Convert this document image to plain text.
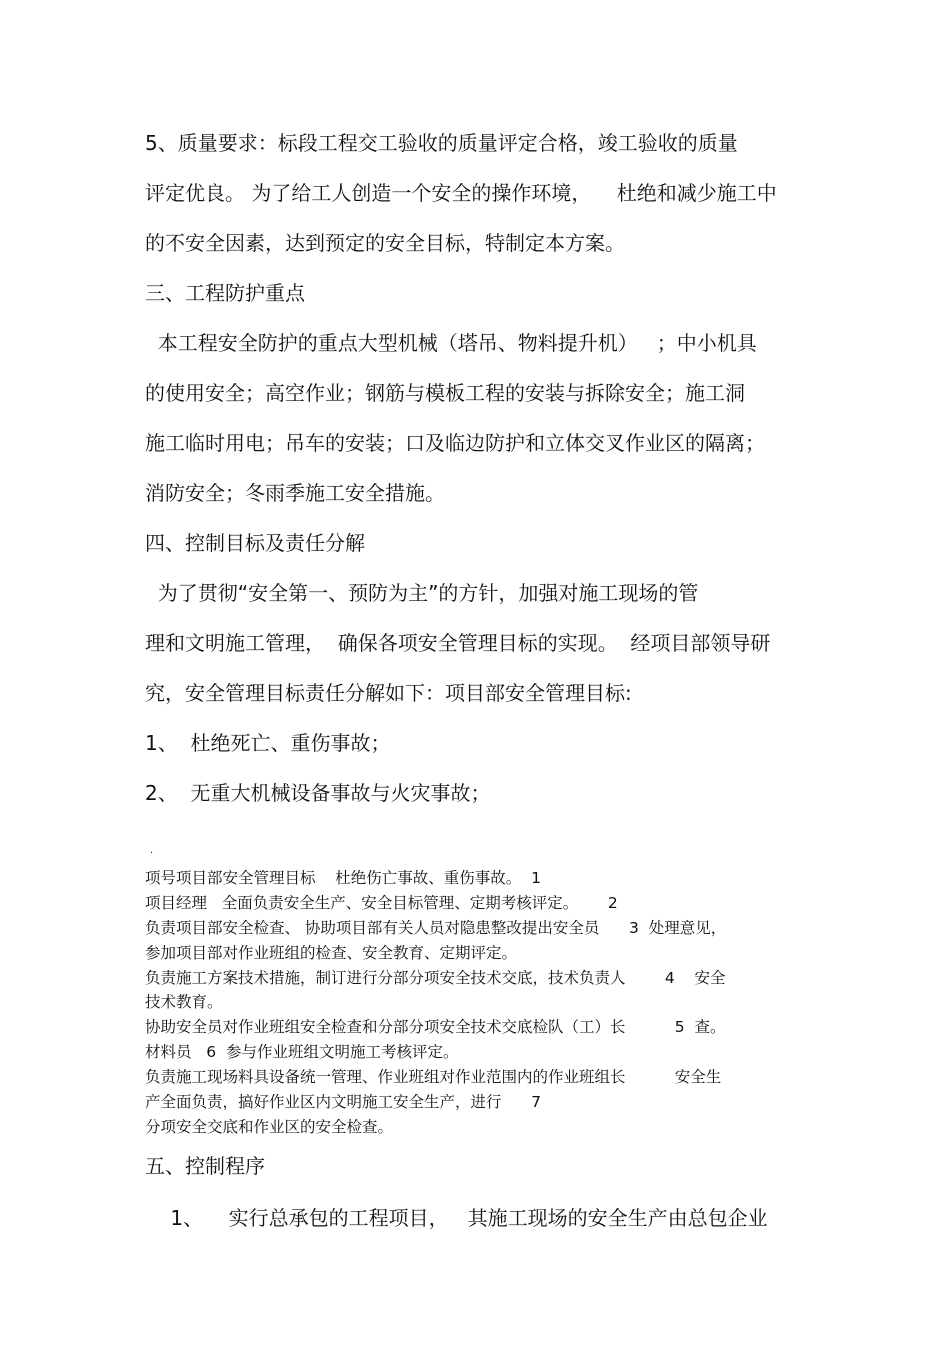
5、质量要求：标段工程交工验收的质量评定合格，竣工验收的质量
评定优良。 为了给工人创造一个安全的操作环境，    杜绝和减少施工中
的不安全因素，达到预定的安全目标，特制定本方案。
三、工程防护重点
本工程安全防护的重点大型机械（塔吊、物料提升机）   ；中小机具
的使用安全；高空作业；钢筋与模板工程的安装与拆除安全；施工洞
施工临时用电；吊车的安装；口及临边防护和立体交叉作业区的隔离；
消防安全；冬雨季施工安全措施。
四、控制目标及责任分解
为了贯彻“安全第一、预防为主”的方针，加强对施工现场的管
理和文明施工管理，  确保各项安全管理目标的实现。  经项目部领导研
究，安全管理目标责任分解如下：项目部安全管理目标:
1、  杜绝死亡、重伤事故；
2、  无重大机械设备事故与火灾事故；
.
项号项目部安全管理目标    杜绝伤亡事故、重伤事故。  1
项目经理   全面负责安全生产、安全目标管理、定期考核评定。      2
负责项目部安全检查、 协助项目部有关人员对隐患整改提出安全员      3  处理意见，
参加项目部对作业班组的检查、安全教育、定期评定。
负责施工方案技术措施，制订进行分部分项安全技术交底，技术负责人        4    安全
技术教育。
协助安全员对作业班组安全检查和分部分项安全技术交底检队（工）长          5  查。
材料员   6  参与作业班组文明施工考核评定。
负责施工现场料具设备统一管理、作业班组对作业范围内的作业班组长          安全生
产全面负责，搞好作业区内文明施工安全生产，进行      7
分项安全交底和作业区的安全检查。
五、控制程序
1、    实行总承包的工程项目，   其施工现场的安全生产由总包企业
